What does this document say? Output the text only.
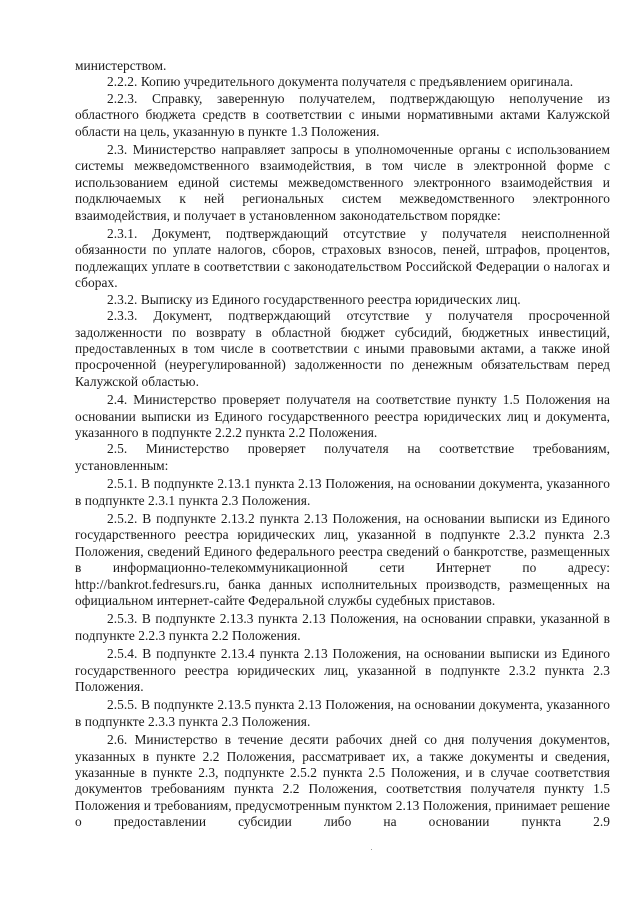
министерством.

2.2.2. Копию учредительного документа получателя с предъявлением оригинала.

2.2.3. Справку, заверенную получателем, подтверждающую неполучение из областного бюджета средств в соответствии с иными нормативными актами Калужской области на цель, указанную в пункте 1.3 Положения.

2.3. Министерство направляет запросы в уполномоченные органы с использованием системы межведомственного взаимодействия, в том числе в электронной форме с использованием единой системы межведомственного электронного взаимодействия и подключаемых к ней региональных систем межведомственного электронного взаимодействия, и получает в установленном законодательством порядке:

2.3.1. Документ, подтверждающий отсутствие у получателя неисполненной обязанности по уплате налогов, сборов, страховых взносов, пеней, штрафов, процентов, подлежащих уплате в соответствии с законодательством Российской Федерации о налогах и сборах.

2.3.2. Выписку из Единого государственного реестра юридических лиц.

2.3.3. Документ, подтверждающий отсутствие у получателя просроченной задолженности по возврату в областной бюджет субсидий, бюджетных инвестиций, предоставленных в том числе в соответствии с иными правовыми актами, а также иной просроченной (неурегулированной) задолженности по денежным обязательствам перед Калужской областью.

2.4. Министерство проверяет получателя на соответствие пункту 1.5 Положения на основании выписки из Единого государственного реестра юридических лиц и документа, указанного в подпункте 2.2.2 пункта 2.2 Положения.

2.5. Министерство проверяет получателя на соответствие требованиям, установленным:

2.5.1. В подпункте 2.13.1 пункта 2.13 Положения, на основании документа, указанного в подпункте 2.3.1 пункта 2.3 Положения.

2.5.2. В подпункте 2.13.2 пункта 2.13 Положения, на основании выписки из Единого государственного реестра юридических лиц, указанной в подпункте 2.3.2 пункта 2.3 Положения, сведений Единого федерального реестра сведений о банкротстве, размещенных в информационно-телекоммуникационной сети Интернет по адресу: http://bankrot.fedresurs.ru, банка данных исполнительных производств, размещенных на официальном интернет-сайте Федеральной службы судебных приставов.

2.5.3. В подпункте 2.13.3 пункта 2.13 Положения, на основании справки, указанной в подпункте 2.2.3 пункта 2.2 Положения.

2.5.4. В подпункте 2.13.4 пункта 2.13 Положения, на основании выписки из Единого государственного реестра юридических лиц, указанной в подпункте 2.3.2 пункта 2.3 Положения.

2.5.5. В подпункте 2.13.5 пункта 2.13 Положения, на основании документа, указанного в подпункте 2.3.3 пункта 2.3 Положения.

2.6. Министерство в течение десяти рабочих дней со дня получения документов, указанных в пункте 2.2 Положения, рассматривает их, а также документы и сведения, указанные в пункте 2.3, подпункте 2.5.2 пункта 2.5 Положения, и в случае соответствия документов требованиям пункта 2.2 Положения, соответствия получателя пункту 1.5 Положения и требованиям, предусмотренным пунктом 2.13 Положения, принимает решение о предоставлении субсидии либо на основании пункта 2.9
